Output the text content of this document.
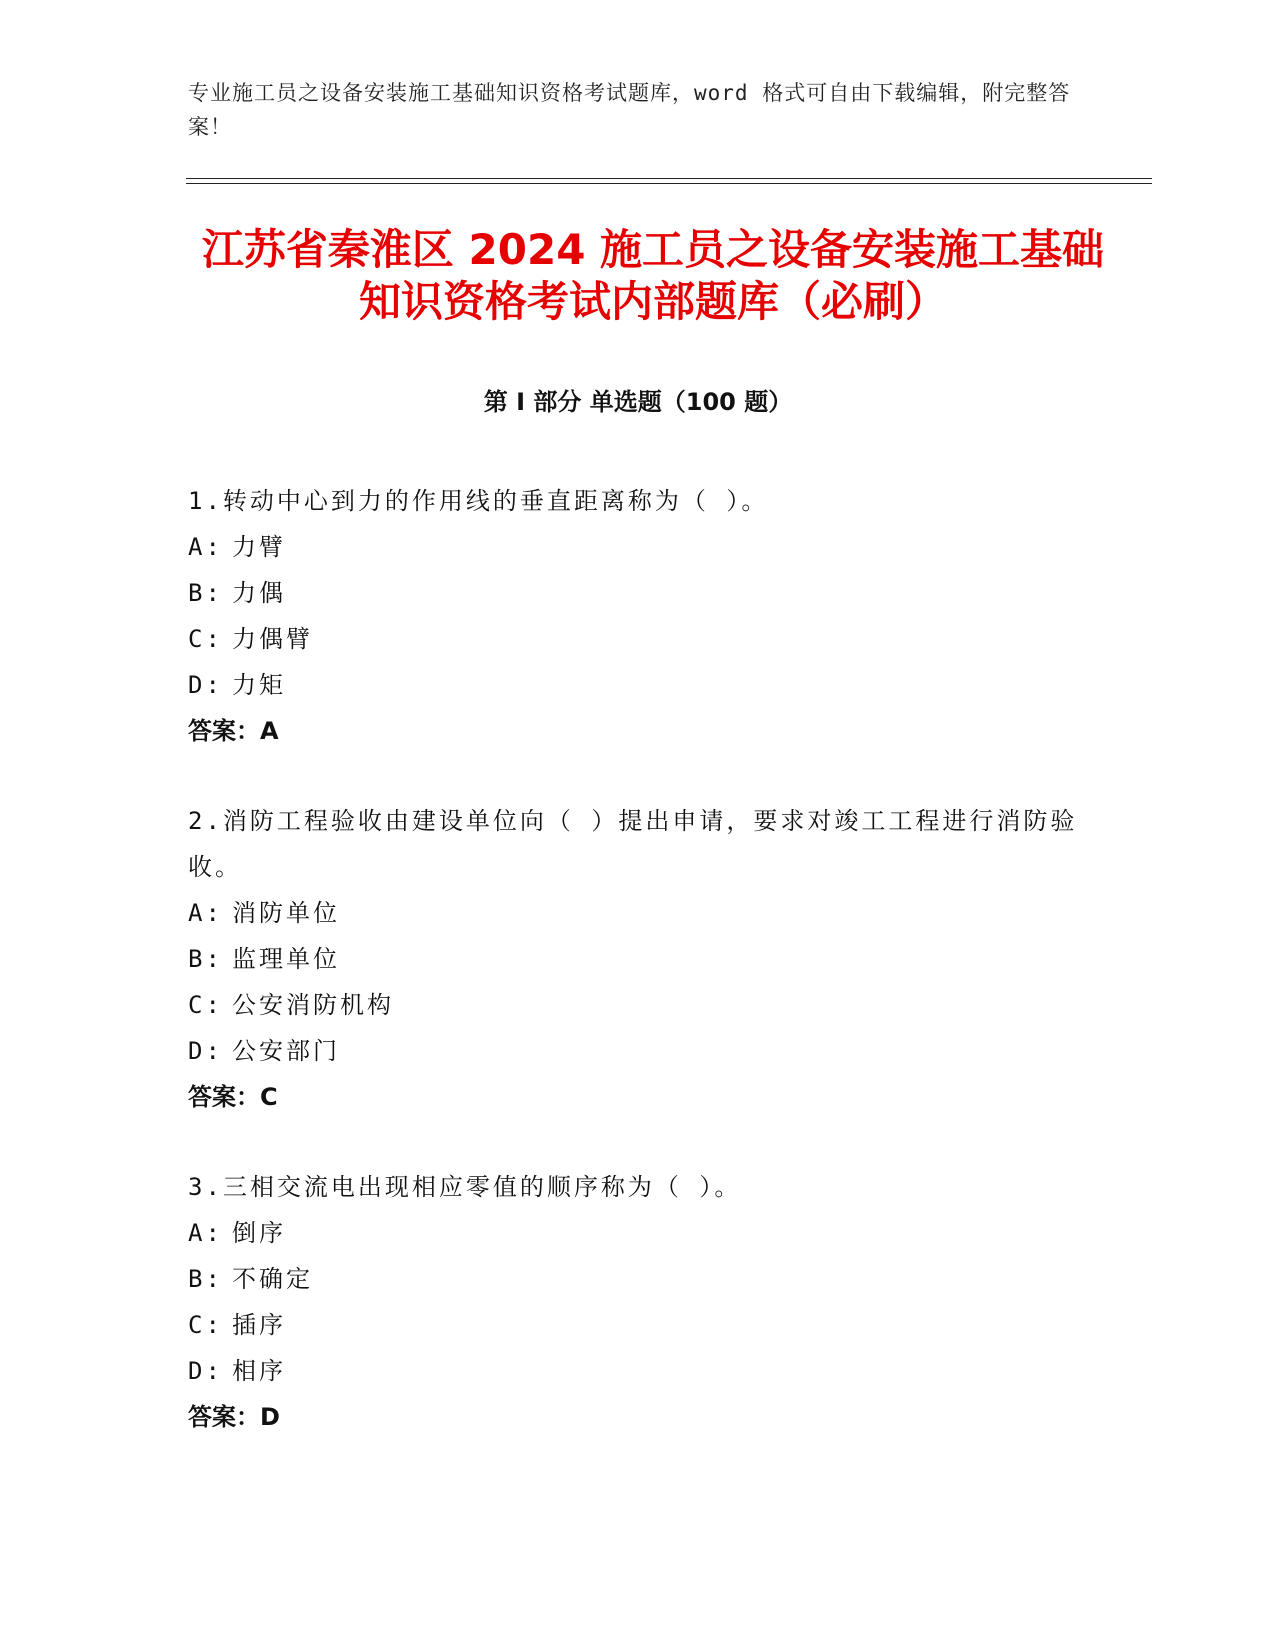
专业施工员之设备安装施工基础知识资格考试题库，word 格式可自由下载编辑，附完整答案！
江苏省秦淮区 2024 施工员之设备安装施工基础知识资格考试内部题库（必刷）
第 I 部分 单选题（100 题）

1.转动中心到力的作用线的垂直距离称为（ ）。

A: 力臂
B: 力偶
C: 力偶臂
D: 力矩
答案：A

2.消防工程验收由建设单位向（ ）提出申请，要求对竣工工程进行消防验收。

A: 消防单位
B: 监理单位
C: 公安消防机构
D: 公安部门
答案：C

3.三相交流电出现相应零值的顺序称为（ ）。

A: 倒序
B: 不确定
C: 插序
D: 相序
答案：D
